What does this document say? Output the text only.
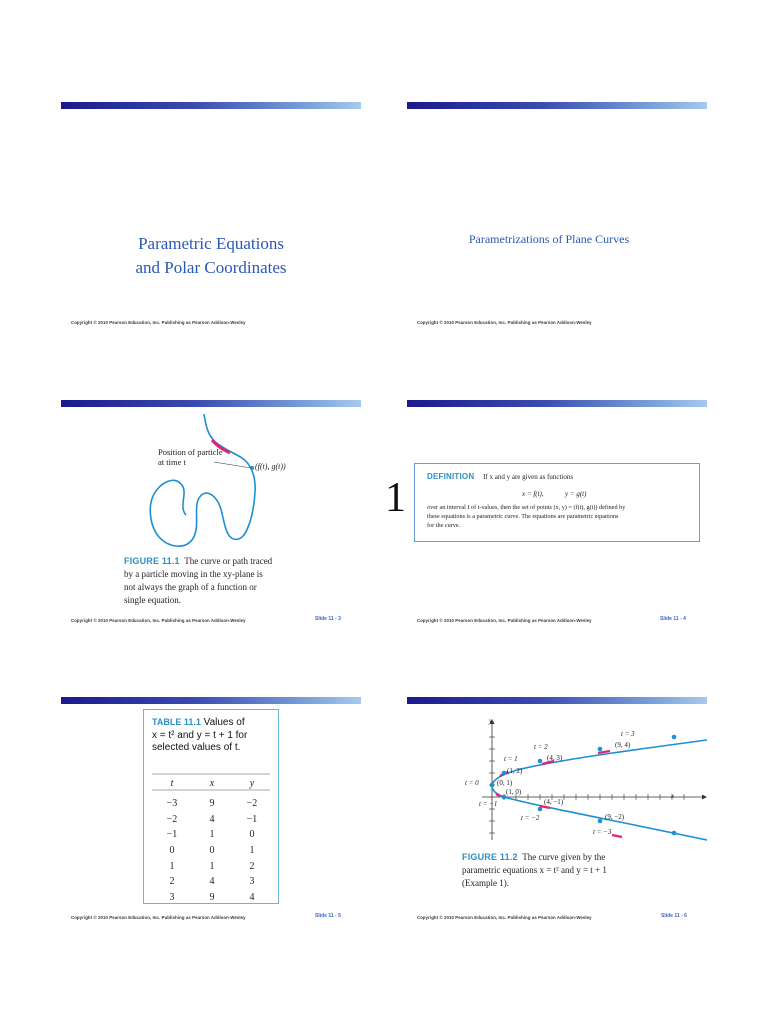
Parametric Equations
and Polar Coordinates
Copyright © 2010 Pearson Education, Inc. Publishing as Pearson Addison-Wesley
Parametrizations of Plane Curves
Copyright © 2010 Pearson Education, Inc. Publishing as Pearson Addison-Wesley
Position of particle
at time t	(f(t), g(t))
FIGURE 11.1 The curve or path traced
by a particle moving in the xy-plane is
not always the graph of a function or
single equation.
Copyright © 2010 Pearson Education, Inc. Publishing as Pearson Addison-Wesley	Slide 11 - 3
1	DEFINITION If x and y are given as functions
x = f(t),	y = g(t)
over an interval I of t-values, then the set of points (x, y) = (f(t), g(t)) defined by
these equations is a parametric curve. The equations are parametric equations
for the curve.
Copyright © 2010 Pearson Education, Inc. Publishing as Pearson Addison-Wesley	Slide 11 - 4
TABLE 11.1 Values of
x = t² and y = t + 1 for
selected values of t.
t	x	y

−3	9	−2
−2	4	−1
−1	1	0
0	0	1
1	1	2
2	4	3
3	9	4
Copyright © 2010 Pearson Education, Inc. Publishing as Pearson Addison-Wesley	Slide 11 - 5
y
x
t = 3
(9, 4)
t = 2
(4, 3)
t = 1
(1, 2)
t = 0	(0, 1)
(1, 0)
t = −1	(4, −1)
t = −2	(9, −2)
t = −3
FIGURE 11.2 The curve given by the
parametric equations x = t² and y = t + 1
(Example 1).
Copyright © 2010 Pearson Education, Inc. Publishing as Pearson Addison-Wesley	Slide 11 - 6
